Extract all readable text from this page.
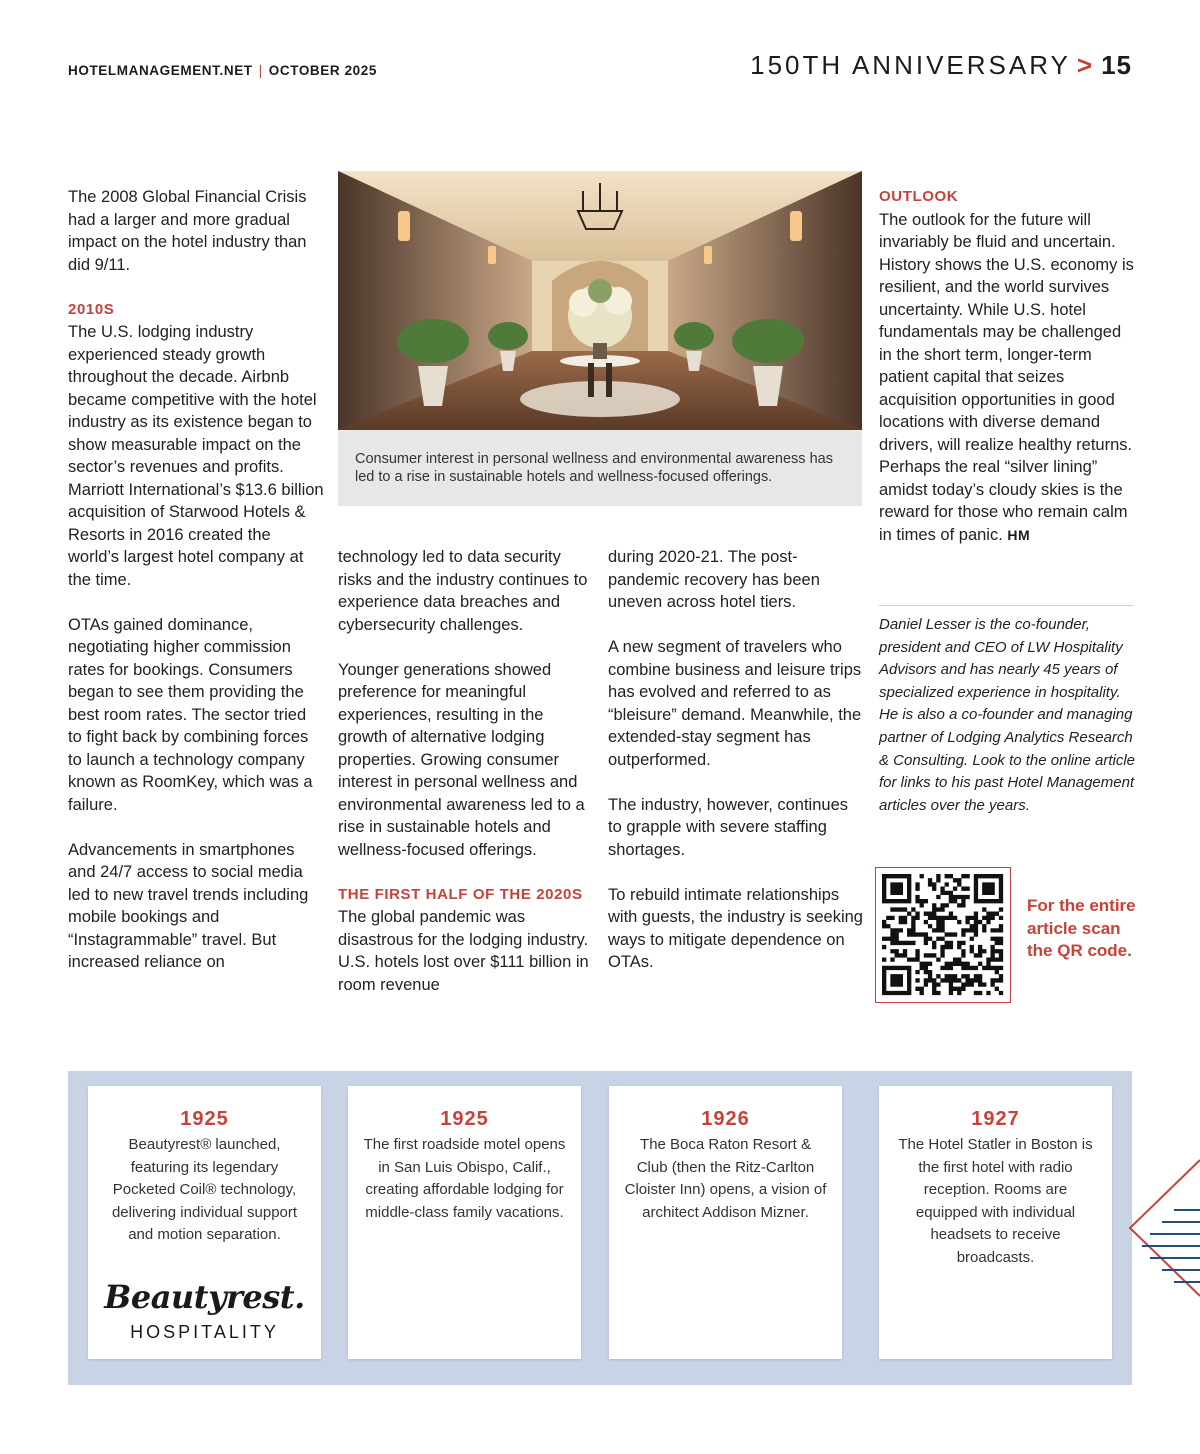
HOTELMANAGEMENT.NET | OCTOBER 2025	150TH ANNIVERSARY > 15

The 2008 Global Financial Crisis had a larger and more gradual impact on the hotel industry than did 9/11.

2010S
The U.S. lodging industry experienced steady growth throughout the decade. Airbnb became competitive with the hotel industry as its existence began to show measurable impact on the sector’s revenues and profits. Marriott International’s $13.6 billion acquisition of Starwood Hotels & Resorts in 2016 created the world’s largest hotel company at the time.

OTAs gained dominance, negotiating higher commission rates for bookings. Consumers began to see them providing the best room rates. The sector tried to fight back by combining forces to launch a technology company known as RoomKey, which was a failure.

Advancements in smartphones and 24/7 access to social media led to new travel trends including mobile bookings and “Instagrammable” travel. But increased reliance on

Consumer interest in personal wellness and environmental awareness has led to a rise in sustainable hotels and wellness-focused offerings.

technology led to data security risks and the industry continues to experience data breaches and cybersecurity challenges.

Younger generations showed preference for meaningful experiences, resulting in the growth of alternative lodging properties. Growing consumer interest in personal wellness and environmental awareness led to a rise in sustainable hotels and wellness-focused offerings.

THE FIRST HALF OF THE 2020S
The global pandemic was disastrous for the lodging industry. U.S. hotels lost over $111 billion in room revenue

during 2020-21. The post-pandemic recovery has been uneven across hotel tiers.

A new segment of travelers who combine business and leisure trips has evolved and referred to as “bleisure” demand. Meanwhile, the extended-stay segment has outperformed.

The industry, however, continues to grapple with severe staffing shortages.

To rebuild intimate relationships with guests, the industry is seeking ways to mitigate dependence on OTAs.

OUTLOOK
The outlook for the future will invariably be fluid and uncertain. History shows the U.S. economy is resilient, and the world survives uncertainty. While U.S. hotel fundamentals may be challenged in the short term, longer-term patient capital that seizes acquisition opportunities in good locations with diverse demand drivers, will realize healthy returns. Perhaps the real “silver lining” amidst today’s cloudy skies is the reward for those who remain calm in times of panic. HM

Daniel Lesser is the co-founder, president and CEO of LW Hospitality Advisors and has nearly 45 years of specialized experience in hospitality. He is also a co-founder and managing partner of Lodging Analytics Research & Consulting. Look to the online article for links to his past Hotel Management articles over the years.
For the entire article scan the QR code.
1925
Beautyrest® launched, featuring its legendary Pocketed Coil® technology, delivering individual support and motion separation.
1925
The first roadside motel opens in San Luis Obispo, Calif., creating affordable lodging for middle-class family vacations.
1926
The Boca Raton Resort & Club (then the Ritz-Carlton Cloister Inn) opens, a vision of architect Addison Mizner.
1927
The Hotel Statler in Boston is the first hotel with radio reception. Rooms are equipped with individual headsets to receive broadcasts.
Beautyrest.
HOSPITALITY
